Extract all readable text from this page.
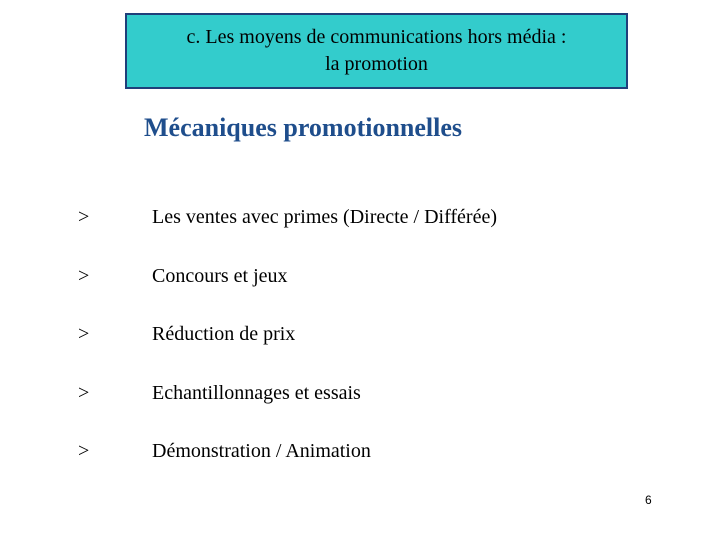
c. Les moyens de communications hors média :
la promotion
Mécaniques promotionnelles
>	Les ventes avec primes (Directe / Différée)
>	Concours et jeux
>	Réduction de prix
>	Echantillonnages et essais
>	Démonstration / Animation
6
